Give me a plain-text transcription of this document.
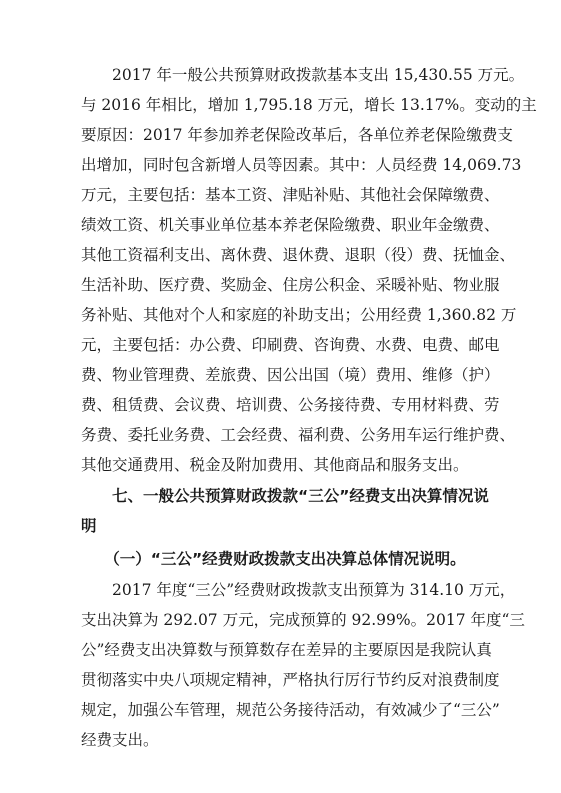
　　2017 年一般公共预算财政拨款基本支出 15,430.55 万元。
与 2016 年相比，增加 1,795.18 万元，增长 13.17%。变动的主
要原因：2017 年参加养老保险改革后，各单位养老保险缴费支
出增加，同时包含新增人员等因素。其中：人员经费 14,069.73
万元，主要包括：基本工资、津贴补贴、其他社会保障缴费、
绩效工资、机关事业单位基本养老保险缴费、职业年金缴费、
其他工资福利支出、离休费、退休费、退职（役）费、抚恤金、
生活补助、医疗费、奖励金、住房公积金、采暖补贴、物业服
务补贴、其他对个人和家庭的补助支出；公用经费 1,360.82 万
元，主要包括：办公费、印刷费、咨询费、水费、电费、邮电
费、物业管理费、差旅费、因公出国（境）费用、维修（护）
费、租赁费、会议费、培训费、公务接待费、专用材料费、劳
务费、委托业务费、工会经费、福利费、公务用车运行维护费、
其他交通费用、税金及附加费用、其他商品和服务支出。
　　七、一般公共预算财政拨款“三公”经费支出决算情况说
明
　　（一）“三公”经费财政拨款支出决算总体情况说明。
　　2017 年度“三公”经费财政拨款支出预算为 314.10 万元，
支出决算为 292.07 万元，完成预算的 92.99%。2017 年度“三
公”经费支出决算数与预算数存在差异的主要原因是我院认真
贯彻落实中央八项规定精神，严格执行厉行节约反对浪费制度
规定，加强公车管理，规范公务接待活动，有效减少了“三公”
经费支出。
